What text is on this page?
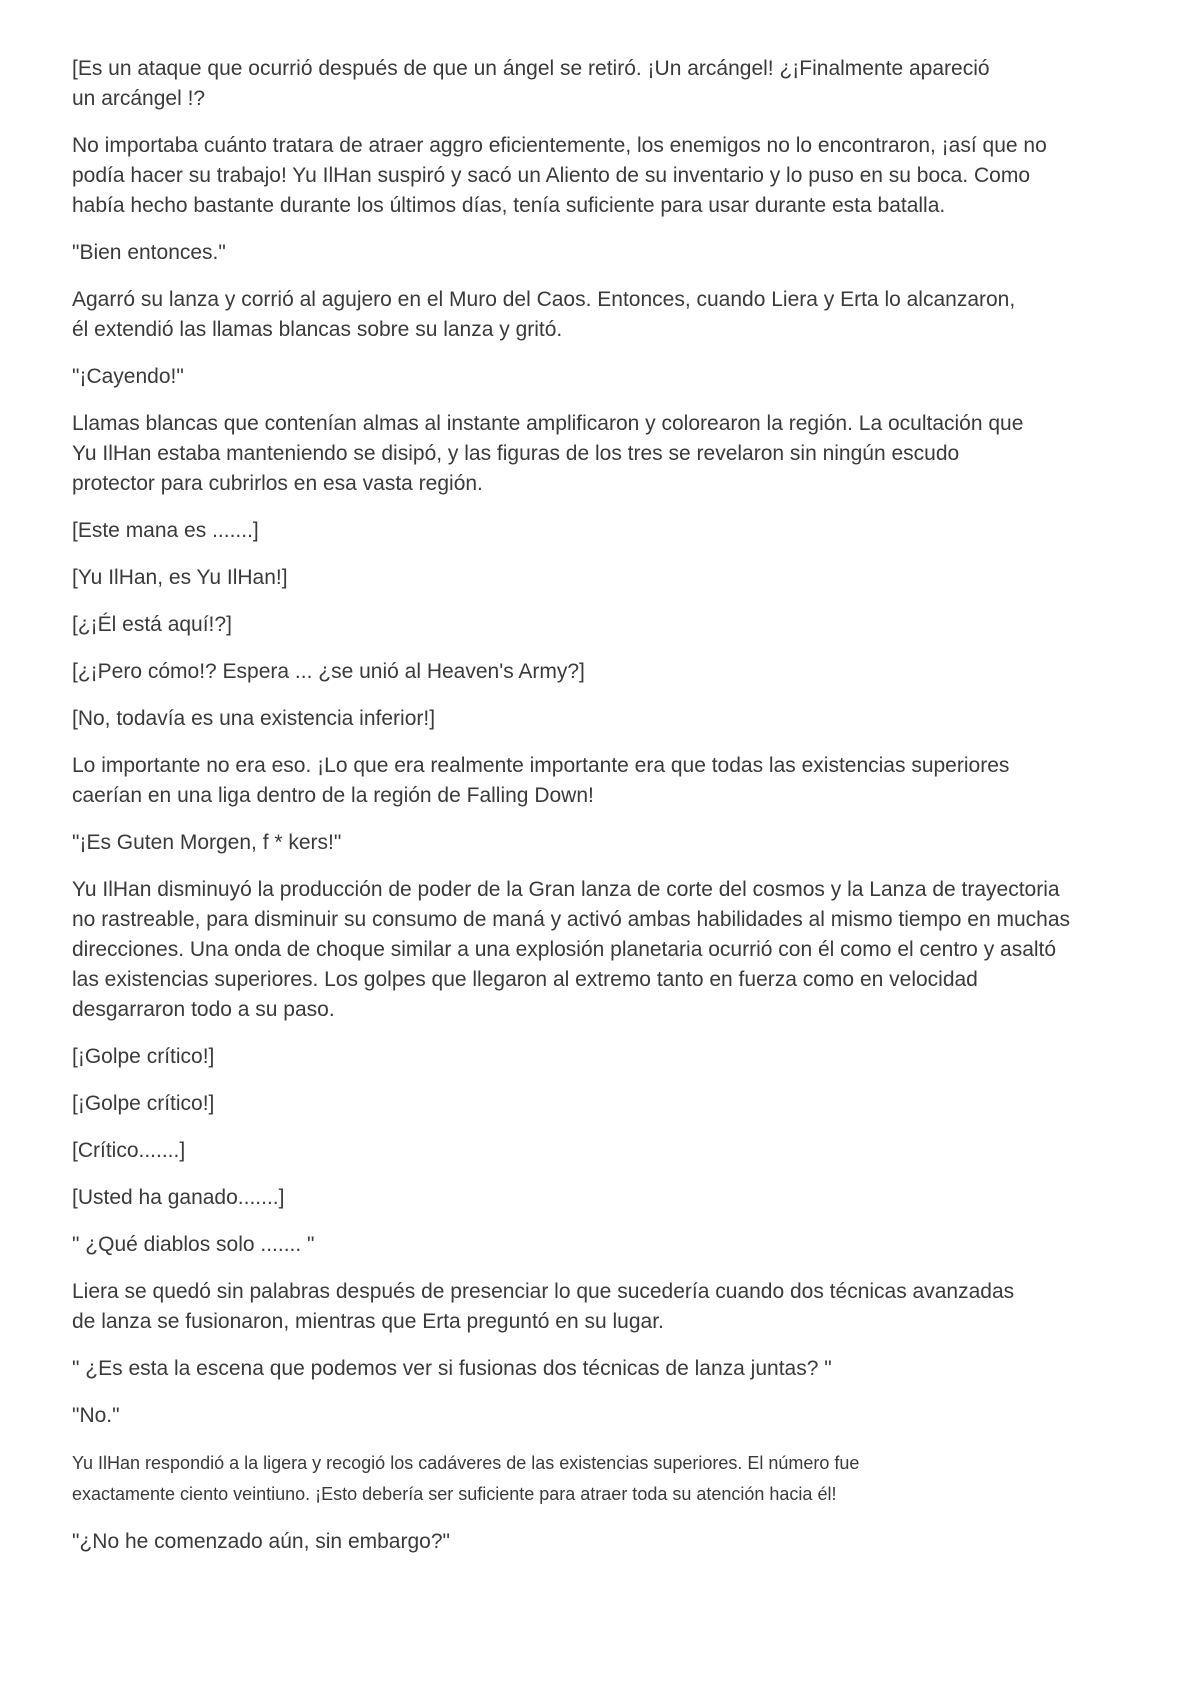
[Es un ataque que ocurrió después de que un ángel se retiró. ¡Un arcángel! ¿¡Finalmente apareció
un arcángel !?

No importaba cuánto tratara de atraer aggro eficientemente, los enemigos no lo encontraron, ¡así que no
podía hacer su trabajo! Yu IlHan suspiró y sacó un Aliento de su inventario y lo puso en su boca. Como
había hecho bastante durante los últimos días, tenía suficiente para usar durante esta batalla.

"Bien entonces."

Agarró su lanza y corrió al agujero en el Muro del Caos. Entonces, cuando Liera y Erta lo alcanzaron,
él extendió las llamas blancas sobre su lanza y gritó.

"¡Cayendo!"

Llamas blancas que contenían almas al instante amplificaron y colorearon la región. La ocultación que
Yu IlHan estaba manteniendo se disipó, y las figuras de los tres se revelaron sin ningún escudo
protector para cubrirlos en esa vasta región.

[Este mana es .......]

[Yu IlHan, es Yu IlHan!]

[¿¡Él está aquí!?]

[¿¡Pero cómo!? Espera ... ¿se unió al Heaven's Army?]

[No, todavía es una existencia inferior!]

Lo importante no era eso. ¡Lo que era realmente importante era que todas las existencias superiores
caerían en una liga dentro de la región de Falling Down!

"¡Es Guten Morgen, f * kers!"

Yu IlHan disminuyó la producción de poder de la Gran lanza de corte del cosmos y la Lanza de trayectoria
no rastreable, para disminuir su consumo de maná y activó ambas habilidades al mismo tiempo en muchas
direcciones. Una onda de choque similar a una explosión planetaria ocurrió con él como el centro y asaltó
las existencias superiores. Los golpes que llegaron al extremo tanto en fuerza como en velocidad
desgarraron todo a su paso.

[¡Golpe crítico!]

[¡Golpe crítico!]

[Crítico.......]

[Usted ha ganado.......]

" ¿Qué diablos solo ....... "

Liera se quedó sin palabras después de presenciar lo que sucedería cuando dos técnicas avanzadas
de lanza se fusionaron, mientras que Erta preguntó en su lugar.

" ¿Es esta la escena que podemos ver si fusionas dos técnicas de lanza juntas? "

"No."

Yu IlHan respondió a la ligera y recogió los cadáveres de las existencias superiores. El número fue
exactamente ciento veintiuno. ¡Esto debería ser suficiente para atraer toda su atención hacia él!

"¿No he comenzado aún, sin embargo?"
